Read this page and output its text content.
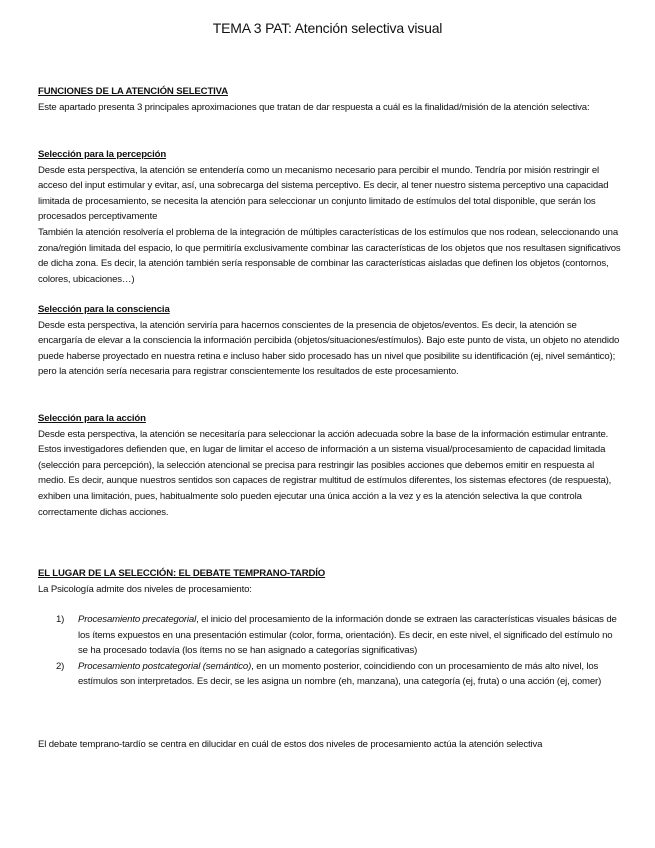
TEMA 3 PAT: Atención selectiva visual

FUNCIONES DE LA ATENCIÓN SELECTIVA

Este apartado presenta 3 principales aproximaciones que tratan de dar respuesta a cuál es la finalidad/misión de la atención selectiva:

Selección para la percepción

Desde esta perspectiva, la atención se entendería como un mecanismo necesario para percibir el mundo. Tendría por misión restringir el acceso del input estimular y evitar, así, una sobrecarga del sistema perceptivo. Es decir, al tener nuestro sistema perceptivo una capacidad limitada de procesamiento, se necesita la atención para seleccionar un conjunto limitado de estímulos del total disponible, que serán los procesados perceptivamente

También la atención resolvería el problema de la integración de múltiples características de los estímulos que nos rodean, seleccionando una zona/región limitada del espacio, lo que permitiría exclusivamente combinar las características de los objetos que nos resultasen significativos de dicha zona. Es decir, la atención también sería responsable de combinar las características aisladas que definen los objetos (contornos, colores, ubicaciones…)

Selección para la consciencia

Desde esta perspectiva, la atención serviría para hacernos conscientes de la presencia de objetos/eventos. Es decir, la atención se encargaría de elevar a la consciencia la información percibida (objetos/situaciones/estímulos). Bajo este punto de vista, un objeto no atendido puede haberse proyectado en nuestra retina e incluso haber sido procesado has un nivel que posibilite su identificación (ej, nivel semántico); pero la atención sería necesaria para registrar conscientemente los resultados de este procesamiento.

Selección para la acción

Desde esta perspectiva, la atención se necesitaría para seleccionar la acción adecuada sobre la base de la información estimular entrante. Estos investigadores defienden que, en lugar de limitar el acceso de información a un sistema visual/procesamiento de capacidad limitada (selección para percepción), la selección atencional se precisa para restringir las posibles acciones que debemos emitir en respuesta al medio. Es decir, aunque nuestros sentidos son capaces de registrar multitud de estímulos diferentes, los sistemas efectores (de respuesta), exhiben una limitación, pues, habitualmente solo pueden ejecutar una única acción a la vez y es la atención selectiva la que controla correctamente dichas acciones.

EL LUGAR DE LA SELECCIÓN: EL DEBATE TEMPRANO-TARDÍO

La Psicología admite dos niveles de procesamiento:

1) Procesamiento precategorial, el inicio del procesamiento de la información donde se extraen las características visuales básicas de los ítems expuestos en una presentación estimular (color, forma, orientación). Es decir, en este nivel, el significado del estímulo no se ha procesado todavía (los ítems no se han asignado a categorías significativas)
2) Procesamiento postcategorial (semántico), en un momento posterior, coincidiendo con un procesamiento de más alto nivel, los estímulos son interpretados. Es decir, se les asigna un nombre (eh, manzana), una categoría (ej, fruta) o una acción (ej, comer)

El debate temprano-tardío se centra en dilucidar en cuál de estos dos niveles de procesamiento actúa la atención selectiva
